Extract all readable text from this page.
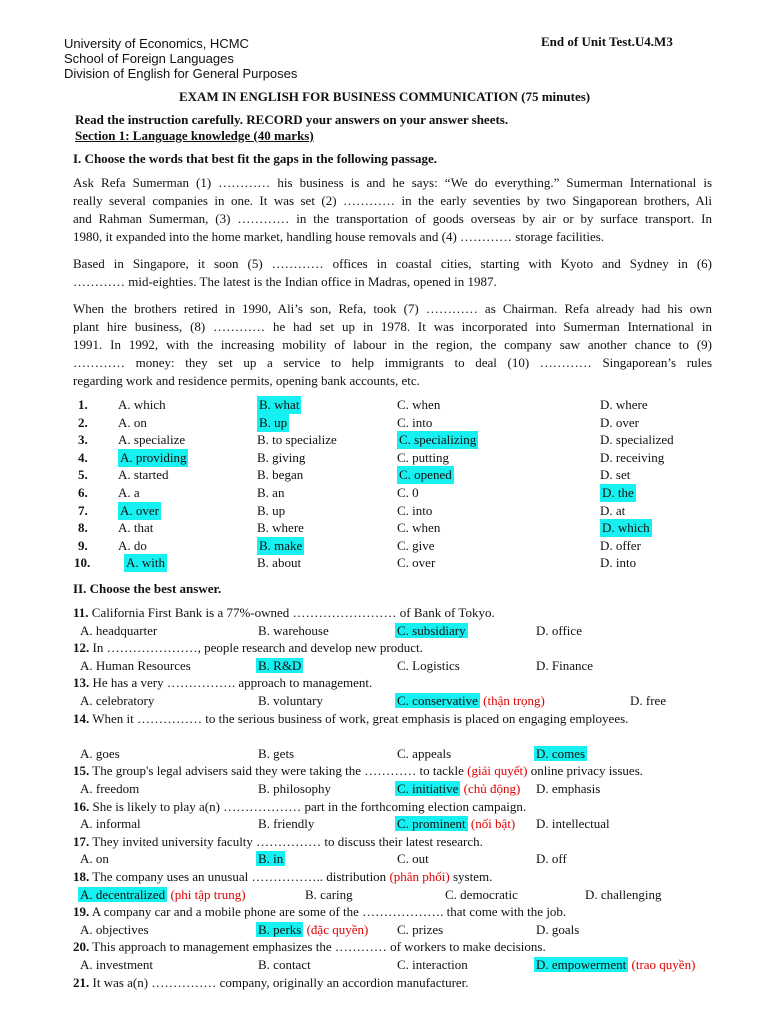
University of Economics, HCMC
School of Foreign Languages
Division of English for General Purposes
End of Unit Test.U4.M3
EXAM IN ENGLISH FOR BUSINESS COMMUNICATION (75 minutes)
Read the instruction carefully. RECORD your answers on your answer sheets.
Section 1: Language knowledge (40 marks)
I. Choose the words that best fit the gaps in the following passage.
Ask Refa Sumerman (1) ………… his business is and he says: “We do everything.” Sumerman International is
really several companies in one. It was set (2) ………… in the early seventies by two Singaporean brothers, Ali
and Rahman Sumerman, (3) ………… in the transportation of goods overseas by air or by surface transport. In
1980, it expanded into the home market, handling house removals and (4) ………… storage facilities.
Based in Singapore, it soon (5) ………… offices in coastal cities, starting with Kyoto and Sydney in (6)
………… mid-eighties. The latest is the Indian office in Madras, opened in 1987.
When the brothers retired in 1990, Ali’s son, Refa, took (7) ………… as Chairman. Refa already had his own
plant hire business, (8) ………… he had set up in 1978. It was incorporated into Sumerman International in
1991. In 1992, with the increasing mobility of labour in the region, the company saw another chance to (9)
………… money: they set up a service to help immigrants to deal (10) ………… Singaporean’s rules
regarding work and residence permits, opening bank accounts, etc.
1. A. which	B. what	C. when	D. where
2. A. on	B. up	C. into	D. over
3. A. specialize	B. to specialize	C. specializing	D. specialized
4. A. providing	B. giving	C. putting	D. receiving
5. A. started	B. began	C. opened	D. set
6. A. a	B. an	C. 0	D. the
7. A. over	B. up	C. into	D. at
8. A. that	B. where	C. when	D. which
9. A. do	B. make	C. give	D. offer
10.	A. with	B. about	C. over	D. into
II. Choose the best answer.
11. California First Bank is a 77%-owned …………………… of Bank of Tokyo.
A. headquarter	B. warehouse	C. subsidiary	D. office
12. In …………………, people research and develop new product.
A. Human Resources	B. R&D	C. Logistics	D. Finance
13. He has a very ……………. approach to management.
A. celebratory	B. voluntary	C. conservative (thận trọng)	D. free
14. When it …………… to the serious business of work, great emphasis is placed on engaging employees.
A. goes	B. gets	C. appeals	D. comes
15. The group's legal advisers said they were taking the ………… to tackle (giải quyết) online privacy issues.
A. freedom	B. philosophy	C. initiative (chủ động) D. emphasis
16. She is likely to play a(n) ……………… part in the forthcoming election campaign.
A. informal	B. friendly	C. prominent (nổi bật) D. intellectual
17. They invited university faculty …………… to discuss their latest research.
A. on	B. in	C. out	D. off
18. The company uses an unusual …………….. distribution (phân phối) system.
A. decentralized (phi tập trung)	B. caring	C. democratic	D. challenging
19. A company car and a mobile phone are some of the ………………. that come with the job.
A. objectives	B. perks (đặc quyền) C. prizes	D. goals
20. This approach to management emphasizes the ………… of workers to make decisions.
A. investment	B. contact	C. interaction	D. empowerment (trao quyền)
21. It was a(n) …………… company, originally an accordion manufacturer.
